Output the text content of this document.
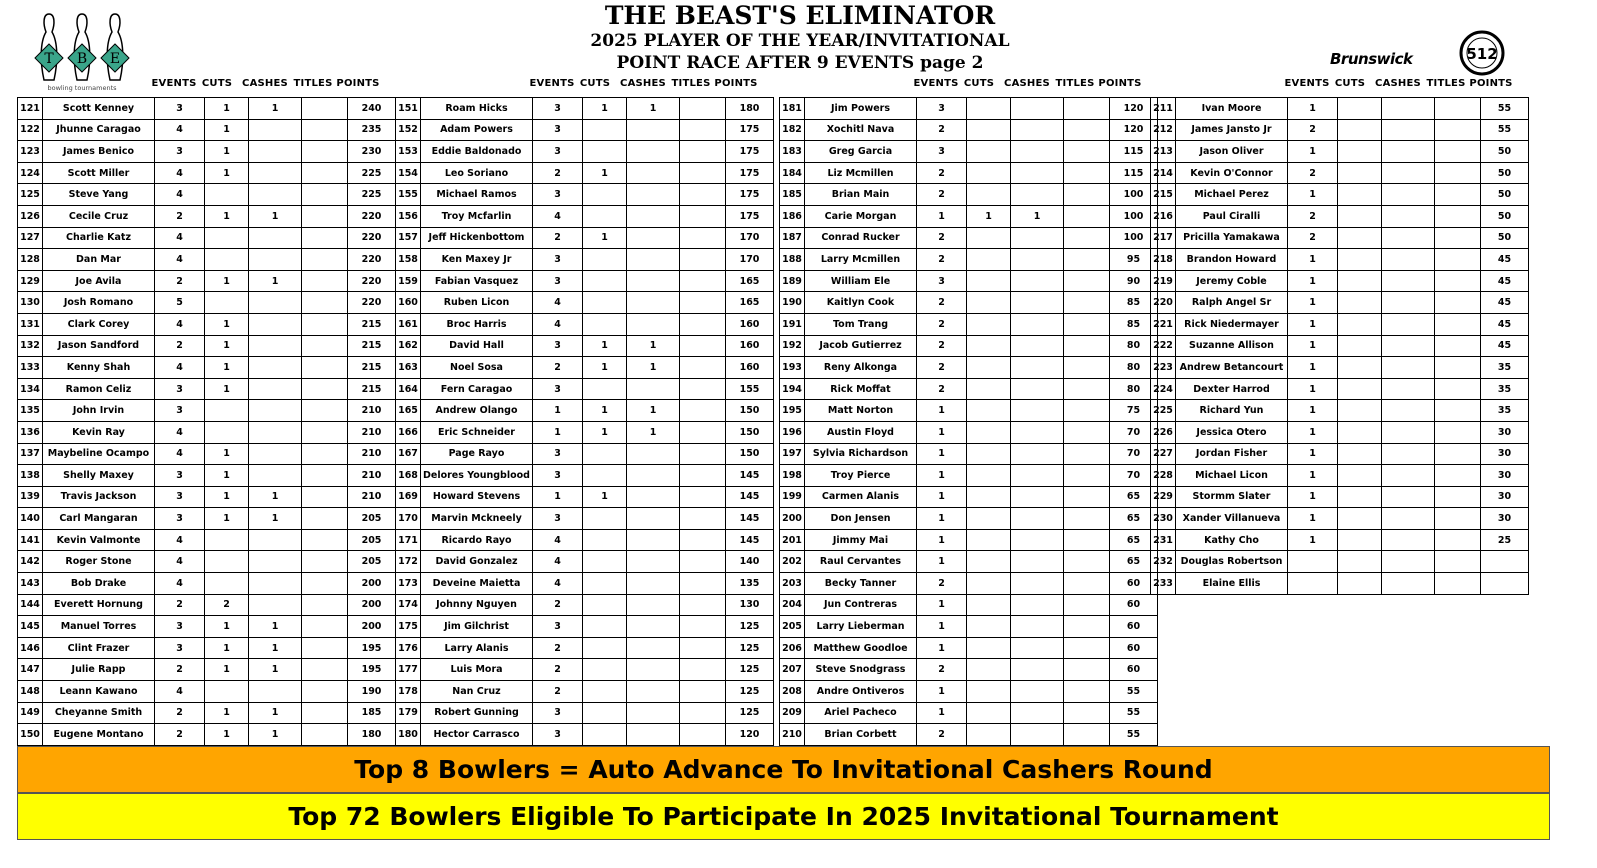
T B E
bowling tournaments
Brunswick	512
THE BEAST'S ELIMINATOR
2025 PLAYER OF THE YEAR/INVITATIONAL
POINT RACE AFTER 9 EVENTS page 2
EVENTS CUTS CASHES TITLES POINTS
121	Scott Kenney	3	1	1		240
122	Jhunne Caragao	4	1			235
123	James Benico	3	1			230
124	Scott Miller	4	1			225
125	Steve Yang	4				225
126	Cecile Cruz	2	1	1		220
127	Charlie Katz	4				220
128	Dan Mar	4				220
129	Joe Avila	2	1	1		220
130	Josh Romano	5				220
131	Clark Corey	4	1			215
132	Jason Sandford	2	1			215
133	Kenny Shah	4	1			215
134	Ramon Celiz	3	1			215
135	John Irvin	3				210
136	Kevin Ray	4				210
137	Maybeline Ocampo	4	1			210
138	Shelly Maxey	3	1			210
139	Travis Jackson	3	1	1		210
140	Carl Mangaran	3	1	1		205
141	Kevin Valmonte	4				205
142	Roger Stone	4				205
143	Bob Drake	4				200
144	Everett Hornung	2	2			200
145	Manuel Torres	3	1	1		200
146	Clint Frazer	3	1	1		195
147	Julie Rapp	2	1	1		195
148	Leann Kawano	4				190
149	Cheyanne Smith	2	1	1		185
150	Eugene Montano	2	1	1		180
EVENTS CUTS CASHES TITLES POINTS
151	Roam Hicks	3	1	1		180
152	Adam Powers	3				175
153	Eddie Baldonado	3				175
154	Leo Soriano	2	1			175
155	Michael Ramos	3				175
156	Troy Mcfarlin	4				175
157	Jeff Hickenbottom	2	1			170
158	Ken Maxey Jr	3				170
159	Fabian Vasquez	3				165
160	Ruben Licon	4				165
161	Broc Harris	4				160
162	David Hall	3	1	1		160
163	Noel Sosa	2	1	1		160
164	Fern Caragao	3				155
165	Andrew Olango	1	1	1		150
166	Eric Schneider	1	1	1		150
167	Page Rayo	3				150
168	Delores Youngblood	3				145
169	Howard Stevens	1	1			145
170	Marvin Mckneely	3				145
171	Ricardo Rayo	4				145
172	David Gonzalez	4				140
173	Deveine Maietta	4				135
174	Johnny Nguyen	2				130
175	Jim Gilchrist	3				125
176	Larry Alanis	2				125
177	Luis Mora	2				125
178	Nan Cruz	2				125
179	Robert Gunning	3				125
180	Hector Carrasco	3				120
EVENTS CUTS CASHES TITLES POINTS
181	Jim Powers	3				120
182	Xochitl Nava	2				120
183	Greg Garcia	3				115
184	Liz Mcmillen	2				115
185	Brian Main	2				100
186	Carie Morgan	1	1	1		100
187	Conrad Rucker	2				100
188	Larry Mcmillen	2				95
189	William Ele	3				90
190	Kaitlyn Cook	2				85
191	Tom Trang	2				85
192	Jacob Gutierrez	2				80
193	Reny Alkonga	2				80
194	Rick Moffat	2				80
195	Matt Norton	1				75
196	Austin Floyd	1				70
197	Sylvia Richardson	1				70
198	Troy Pierce	1				70
199	Carmen Alanis	1				65
200	Don Jensen	1				65
201	Jimmy Mai	1				65
202	Raul Cervantes	1				65
203	Becky Tanner	2				60
204	Jun Contreras	1				60
205	Larry Lieberman	1				60
206	Matthew Goodloe	1				60
207	Steve Snodgrass	2				60
208	Andre Ontiveros	1				55
209	Ariel Pacheco	1				55
210	Brian Corbett	2				55
EVENTS CUTS CASHES TITLES POINTS
211	Ivan Moore	1				55
212	James Jansto Jr	2				55
213	Jason Oliver	1				50
214	Kevin O'Connor	2				50
215	Michael Perez	1				50
216	Paul Ciralli	2				50
217	Pricilla Yamakawa	2				50
218	Brandon Howard	1				45
219	Jeremy Coble	1				45
220	Ralph Angel Sr	1				45
221	Rick Niedermayer	1				45
222	Suzanne Allison	1				45
223	Andrew Betancourt	1				35
224	Dexter Harrod	1				35
225	Richard Yun	1				35
226	Jessica Otero	1				30
227	Jordan Fisher	1				30
228	Michael Licon	1				30
229	Stormm Slater	1				30
230	Xander Villanueva	1				30
231	Kathy Cho	1				25
232	Douglas Robertson					
233	Elaine Ellis					
Top 8 Bowlers = Auto Advance To Invitational Cashers Round
Top 72 Bowlers Eligible To Participate In 2025 Invitational Tournament
